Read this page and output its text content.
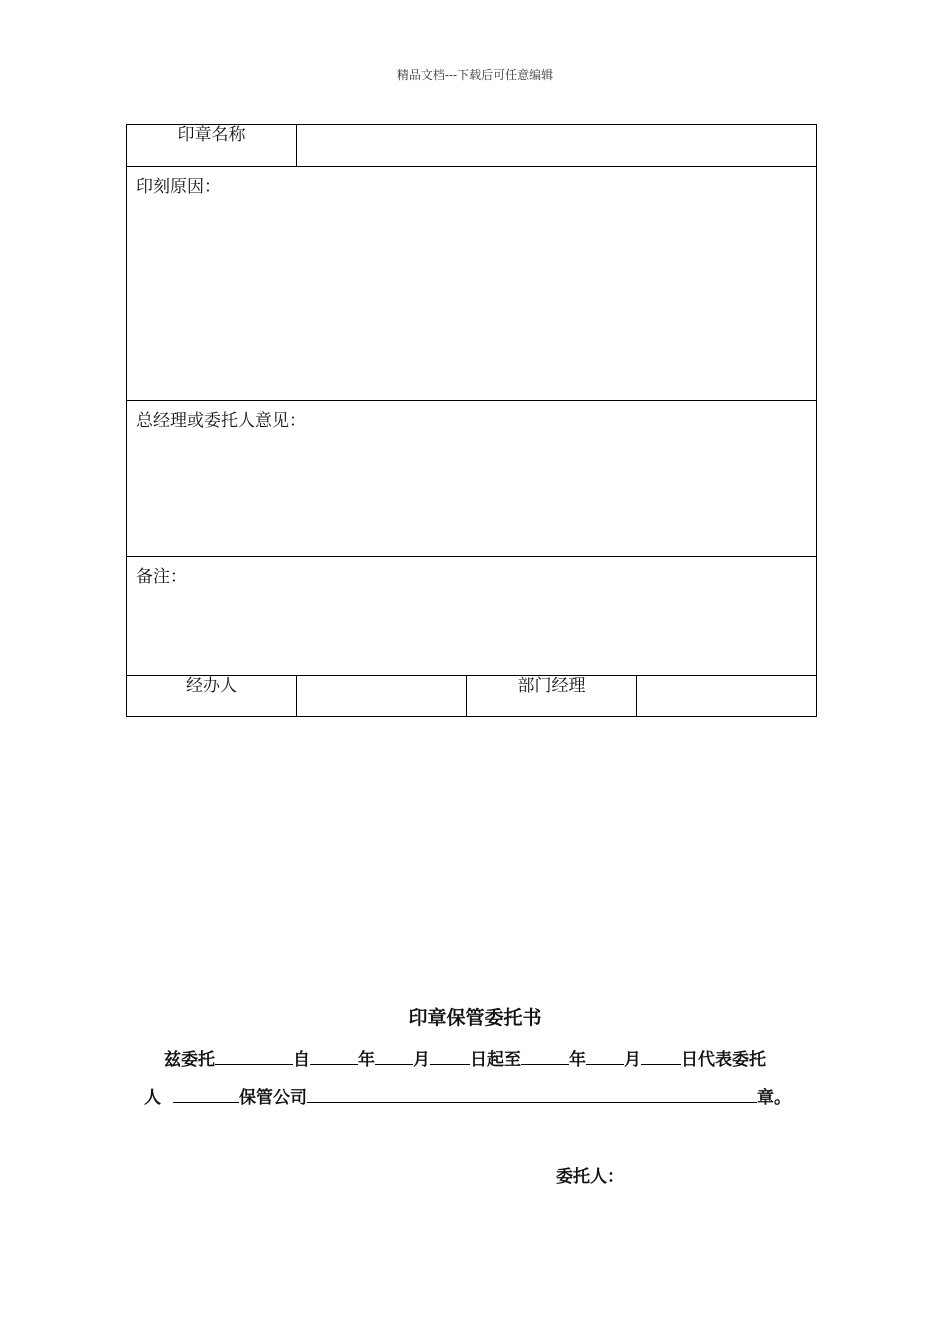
精品文档---下载后可任意编辑
印章名称			
印刻原因：			
总经理或委托人意见：			
备注：			
经办人		部门经理	
印章保管委托书
兹委托	自	年 月 日起至	年 月 日代表委托
人	保管公司	章。
委托人：
